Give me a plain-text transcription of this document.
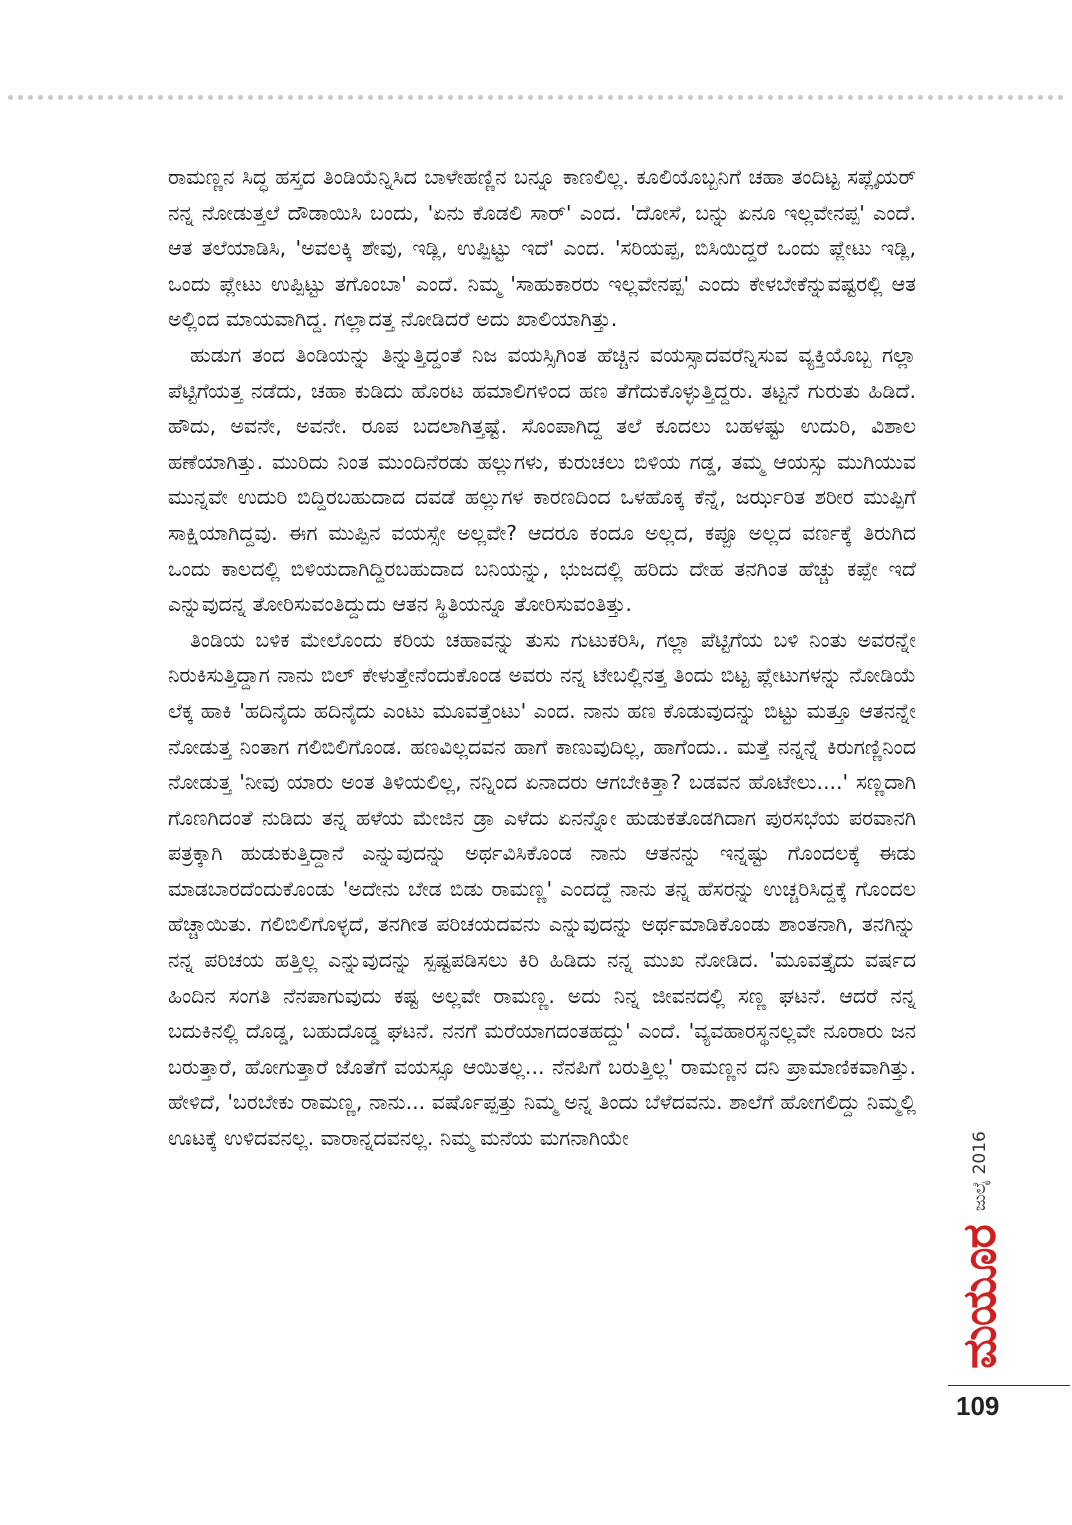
ರಾಮಣ್ಣನ ಸಿದ್ಧ ಹಸ್ತದ ತಿಂಡಿಯೆನ್ನಿಸಿದ ಬಾಳೇಹಣ್ಣಿನ ಬನ್ನೂ ಕಾಣಲಿಲ್ಲ. ಕೂಲಿಯೊಬ್ಬನಿಗೆ ಚಹಾ ತಂದಿಟ್ಟ ಸಪ್ಲೈಯರ್ ನನ್ನ ನೋಡುತ್ತಲೆ ದೌಡಾಯಿಸಿ ಬಂದು, 'ಏನು ಕೊಡಲಿ ಸಾರ್' ಎಂದ. 'ದೋಸೆ, ಬನ್ನು ಏನೂ ಇಲ್ಲವೇನಪ್ಪ' ಎಂದೆ. ಆತ ತಲೆಯಾಡಿಸಿ, 'ಅವಲಕ್ಕಿ ಶೇವು, ಇಡ್ಲಿ, ಉಪ್ಪಿಟ್ಟು ಇದೆ' ಎಂದ. 'ಸರಿಯಪ್ಪ, ಬಿಸಿಯಿದ್ದರೆ ಒಂದು ಪ್ಲೇಟು ಇಡ್ಲಿ, ಒಂದು ಪ್ಲೇಟು ಉಪ್ಪಿಟ್ಟು ತಗೊಂಬಾ' ಎಂದೆ. ನಿಮ್ಮ 'ಸಾಹುಕಾರರು ಇಲ್ಲವೇನಪ್ಪ' ಎಂದು ಕೇಳಬೇಕೆನ್ನುವಷ್ಟರಲ್ಲಿ ಆತ ಅಲ್ಲಿಂದ ಮಾಯವಾಗಿದ್ದ. ಗಲ್ಲಾದತ್ತ ನೋಡಿದರೆ ಅದು ಖಾಲಿಯಾಗಿತ್ತು.

ಹುಡುಗ ತಂದ ತಿಂಡಿಯನ್ನು ತಿನ್ನುತ್ತಿದ್ದಂತೆ ನಿಜ ವಯಸ್ಸಿಗಿಂತ ಹೆಚ್ಚಿನ ವಯಸ್ಸಾದವರೆನ್ನಿಸುವ ವ್ಯಕ್ತಿಯೊಬ್ಬ ಗಲ್ಲಾ ಪೆಟ್ಟಿಗೆಯತ್ತ ನಡೆದು, ಚಹಾ ಕುಡಿದು ಹೊರಟ ಹಮಾಲಿಗಳಿಂದ ಹಣ ತೆಗೆದುಕೊಳ್ಳುತ್ತಿದ್ದರು. ತಟ್ಟನೆ ಗುರುತು ಹಿಡಿದೆ. ಹೌದು, ಅವನೇ, ಅವನೇ. ರೂಪ ಬದಲಾಗಿತ್ತಷ್ಟೆ. ಸೊಂಪಾಗಿದ್ದ ತಲೆ ಕೂದಲು ಬಹಳಷ್ಟು ಉದುರಿ, ವಿಶಾಲ ಹಣೆಯಾಗಿತ್ತು. ಮುರಿದು ನಿಂತ ಮುಂದಿನೆರಡು ಹಲ್ಲುಗಳು, ಕುರುಚಲು ಬಿಳಿಯ ಗಡ್ಡ, ತಮ್ಮ ಆಯಸ್ಸು ಮುಗಿಯುವ ಮುನ್ನವೇ ಉದುರಿ ಬಿದ್ದಿರಬಹುದಾದ ದವಡೆ ಹಲ್ಲುಗಳ ಕಾರಣದಿಂದ ಒಳಹೊಕ್ಕ ಕೆನ್ನೆ, ಜರ್ಝರಿತ ಶರೀರ ಮುಪ್ಪಿಗೆ ಸಾಕ್ಷಿಯಾಗಿದ್ದವು. ಈಗ ಮುಪ್ಪಿನ ವಯಸ್ಸೇ ಅಲ್ಲವೇ? ಆದರೂ ಕಂದೂ ಅಲ್ಲದ, ಕಪ್ಪೂ ಅಲ್ಲದ ವರ್ಣಕ್ಕೆ ತಿರುಗಿದ ಒಂದು ಕಾಲದಲ್ಲಿ ಬಿಳಿಯದಾಗಿದ್ದಿರಬಹುದಾದ ಬನಿಯನ್ನು, ಭುಜದಲ್ಲಿ ಹರಿದು ದೇಹ ತನಗಿಂತ ಹೆಚ್ಚು ಕಪ್ಪೇ ಇದೆ ಎನ್ನುವುದನ್ನ ತೋರಿಸುವಂತಿದ್ದುದು ಆತನ ಸ್ಥಿತಿಯನ್ನೂ ತೋರಿಸುವಂತಿತ್ತು.

ತಿಂಡಿಯ ಬಳಿಕ ಮೇಲೊಂದು ಕರಿಯ ಚಹಾವನ್ನು ತುಸು ಗುಟುಕರಿಸಿ, ಗಲ್ಲಾ ಪೆಟ್ಟಿಗೆಯ ಬಳಿ ನಿಂತು ಅವರನ್ನೇ ನಿರುಕಿಸುತ್ತಿದ್ದಾಗ ನಾನು ಬಿಲ್ ಕೇಳುತ್ತೇನೆಂದುಕೊಂಡ ಅವರು ನನ್ನ ಟೇಬಲ್ಲಿನತ್ತ ತಿಂದು ಬಿಟ್ಟ ಪ್ಲೇಟುಗಳನ್ನು ನೋಡಿಯೆ ಲೆಕ್ಕ ಹಾಕಿ 'ಹದಿನೈದು ಹದಿನೈದು ಎಂಟು ಮೂವತ್ತೆಂಟು' ಎಂದ. ನಾನು ಹಣ ಕೊಡುವುದನ್ನು ಬಿಟ್ಟು ಮತ್ತೂ ಆತನನ್ನೇ ನೋಡುತ್ತ ನಿಂತಾಗ ಗಲಿಬಿಲಿಗೊಂಡ. ಹಣವಿಲ್ಲದವನ ಹಾಗೆ ಕಾಣುವುದಿಲ್ಲ, ಹಾಗೆಂದು.. ಮತ್ತೆ ನನ್ನನ್ನೆ ಕಿರುಗಣ್ಣಿನಿಂದ ನೋಡುತ್ತ 'ನೀವು ಯಾರು ಅಂತ ತಿಳಿಯಲಿಲ್ಲ, ನನ್ನಿಂದ ಏನಾದರು ಆಗಬೇಕಿತ್ತಾ? ಬಡವನ ಹೊಟೇಲು....' ಸಣ್ಣದಾಗಿ ಗೊಣಗಿದಂತೆ ನುಡಿದು ತನ್ನ ಹಳೆಯ ಮೇಜಿನ ಡ್ರಾ ಎಳೆದು ಏನನ್ನೋ ಹುಡುಕತೊಡಗಿದಾಗ ಪುರಸಭೆಯ ಪರವಾನಗಿ ಪತ್ರಕ್ಕಾಗಿ ಹುಡುಕುತ್ತಿದ್ದಾನೆ ಎನ್ನುವುದನ್ನು ಅರ್ಥವಿಸಿಕೊಂಡ ನಾನು ಆತನನ್ನು ಇನ್ನಷ್ಟು ಗೊಂದಲಕ್ಕೆ ಈಡು ಮಾಡಬಾರದೆಂದುಕೊಂಡು 'ಅದೇನು ಬೇಡ ಬಿಡು ರಾಮಣ್ಣ' ಎಂದದ್ದೆ ನಾನು ತನ್ನ ಹೆಸರನ್ನು ಉಚ್ಚರಿಸಿದ್ದಕ್ಕೆ ಗೊಂದಲ ಹೆಚ್ಚಾಯಿತು. ಗಲಿಬಿಲಿಗೊಳ್ಳದೆ, ತನಗೀತ ಪರಿಚಯದವನು ಎನ್ನುವುದನ್ನು ಅರ್ಥಮಾಡಿಕೊಂಡು ಶಾಂತನಾಗಿ, ತನಗಿನ್ನು ನನ್ನ ಪರಿಚಯ ಹತ್ತಿಲ್ಲ ಎನ್ನುವುದನ್ನು ಸ್ಪಷ್ಟಪಡಿಸಲು ಕಿರಿ ಹಿಡಿದು ನನ್ನ ಮುಖ ನೋಡಿದ. 'ಮೂವತ್ತೈದು ವರ್ಷದ ಹಿಂದಿನ ಸಂಗತಿ ನೆನಪಾಗುವುದು ಕಷ್ಟ ಅಲ್ಲವೇ ರಾಮಣ್ಣ. ಅದು ನಿನ್ನ ಜೀವನದಲ್ಲಿ ಸಣ್ಣ ಘಟನೆ. ಆದರೆ ನನ್ನ ಬದುಕಿನಲ್ಲಿ ದೊಡ್ಡ, ಬಹುದೊಡ್ಡ ಘಟನೆ. ನನಗೆ ಮರೆಯಾಗದಂತಹದ್ದು' ಎಂದೆ. 'ವ್ಯವಹಾರಸ್ಥನಲ್ಲವೇ ನೂರಾರು ಜನ ಬರುತ್ತಾರೆ, ಹೋಗುತ್ತಾರೆ ಜೊತೆಗೆ ವಯಸ್ಸೂ ಆಯಿತಲ್ಲ... ನೆನಪಿಗೆ ಬರುತ್ತಿಲ್ಲ' ರಾಮಣ್ಣನ ದನಿ ಪ್ರಾಮಾಣಿಕವಾಗಿತ್ತು. ಹೇಳಿದೆ, 'ಬರಬೇಕು ರಾಮಣ್ಣ, ನಾನು... ವರ್ಷೊಪ್ಪತ್ತು ನಿಮ್ಮ ಅನ್ನ ತಿಂದು ಬೆಳೆದವನು. ಶಾಲೆಗೆ ಹೋಗಲಿದ್ದು ನಿಮ್ಮಲ್ಲಿ ಊಟಕ್ಕೆ ಉಳಿದವನಲ್ಲ. ವಾರಾನ್ನದವನಲ್ಲ. ನಿಮ್ಮ ಮನೆಯ ಮಗನಾಗಿಯೇ

ಮಯೂರ
ಜುಲೈ 2016
109
